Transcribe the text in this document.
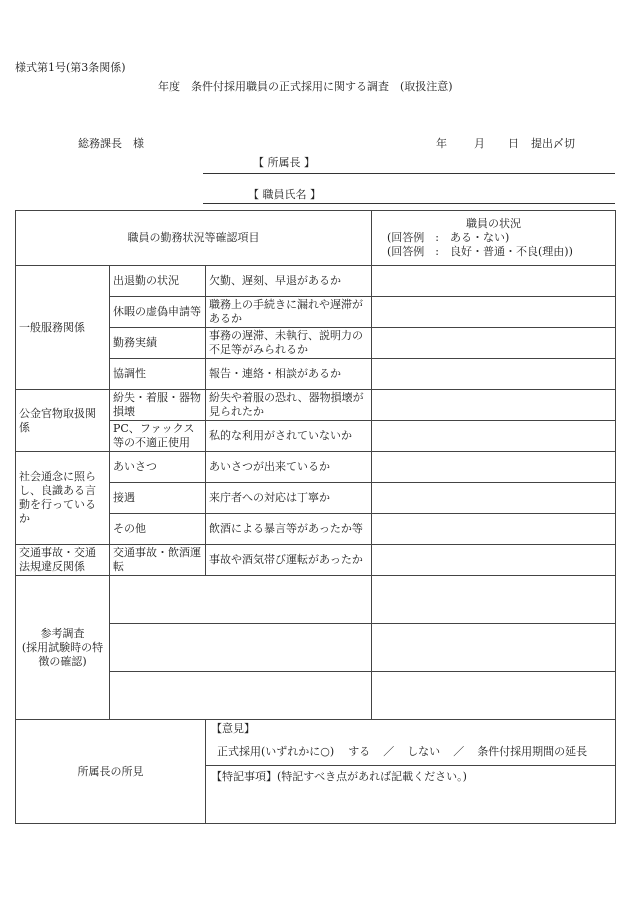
様式第1号(第3条関係)
年度　条件付採用職員の正式採用に関する調査　(取扱注意)
総務課長　様	年 月 日 提出〆切
【 所属長 】
【 職員氏名 】
職員の勤務状況等確認項目			職員の状況
(回答例　:　ある・ない)
(回答例　:　良好・普通・不良(理由))

一般服務関係	出退勤の状況	欠勤、遅刻、早退があるか	
	休暇の虚偽申請等	職務上の手続きに漏れや遅滞があるか	
	勤務実績	事務の遅滞、未執行、説明力の不足等がみられるか	
	協調性	報告・連絡・相談があるか	
公金官物取扱関係	紛失・着服・器物損壊	紛失や着服の恐れ、器物損壊が見られたか	
	PC、ファックス等の不適正使用	私的な利用がされていないか	
社会通念に照らし、良識ある言動を行っているか	あいさつ	あいさつが出来ているか	
	接遇	来庁者への対応は丁寧か	
	その他	飲酒による暴言等があったか等	
交通事故・交通法規違反関係	交通事故・飲酒運転	事故や酒気帯び運転があったか	
参考調査
(採用試験時の特徴の確認)			

所属長の所見		【意見】
正式採用(いずれかに○) する ／ しない ／ 条件付採用期間の延長
【特記事項】(特記すべき点があれば記載ください。)	
